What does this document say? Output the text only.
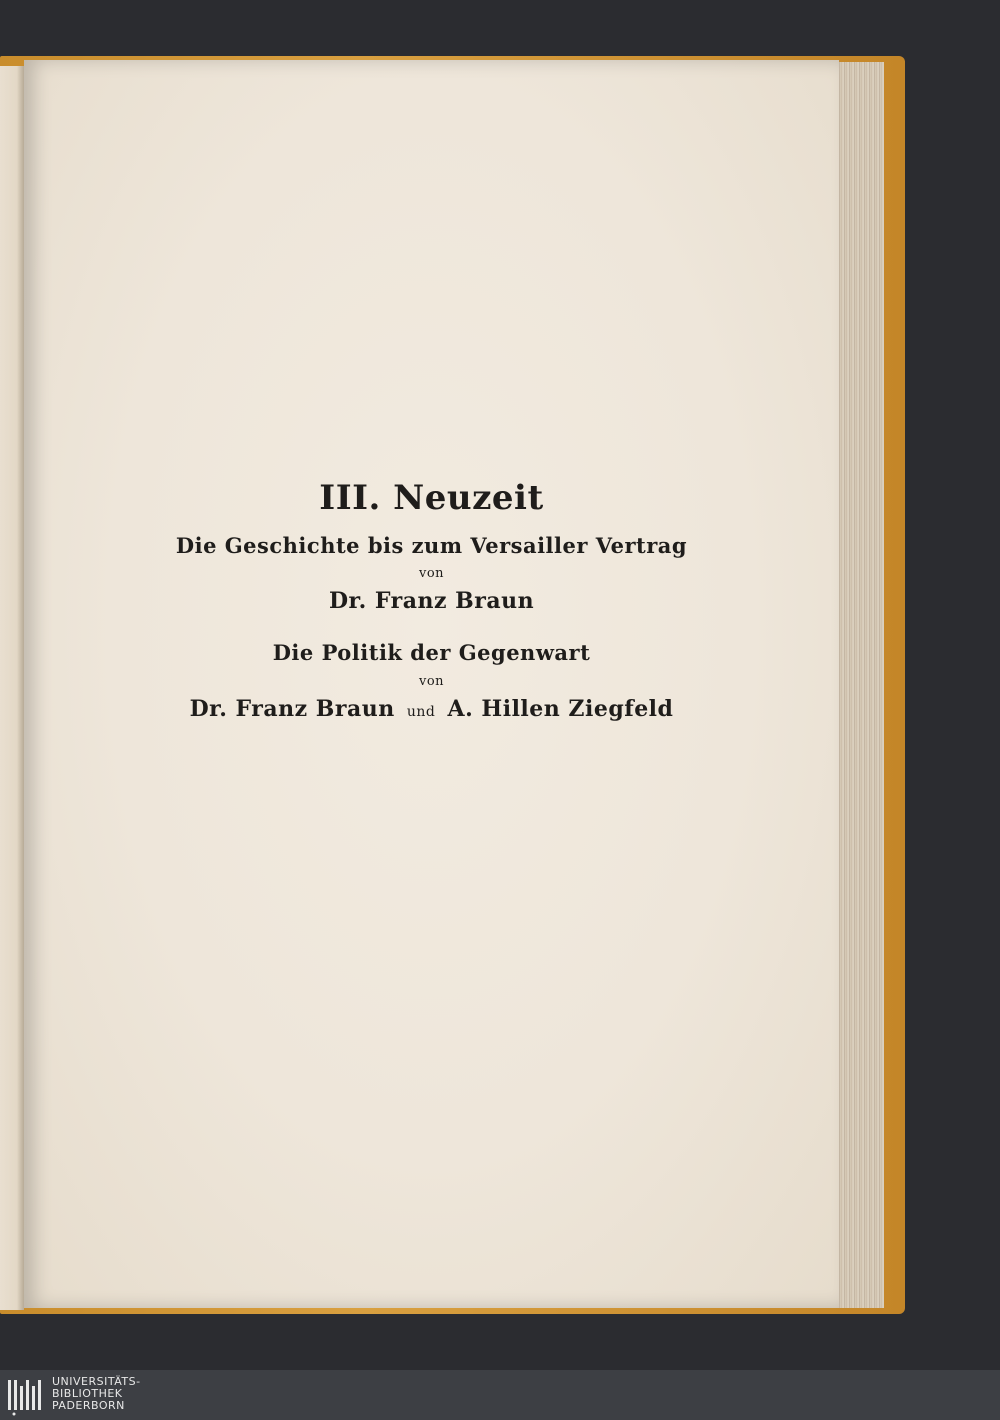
III. Neuzeit
Die Geschichte bis zum Versailler Vertrag
von
Dr. Franz Braun
Die Politik der Gegenwart
von
Dr. Franz Braun und A. Hillen Ziegfeld
UNIVERSITÄTS-
BIBLIOTHEK
PADERBORN
